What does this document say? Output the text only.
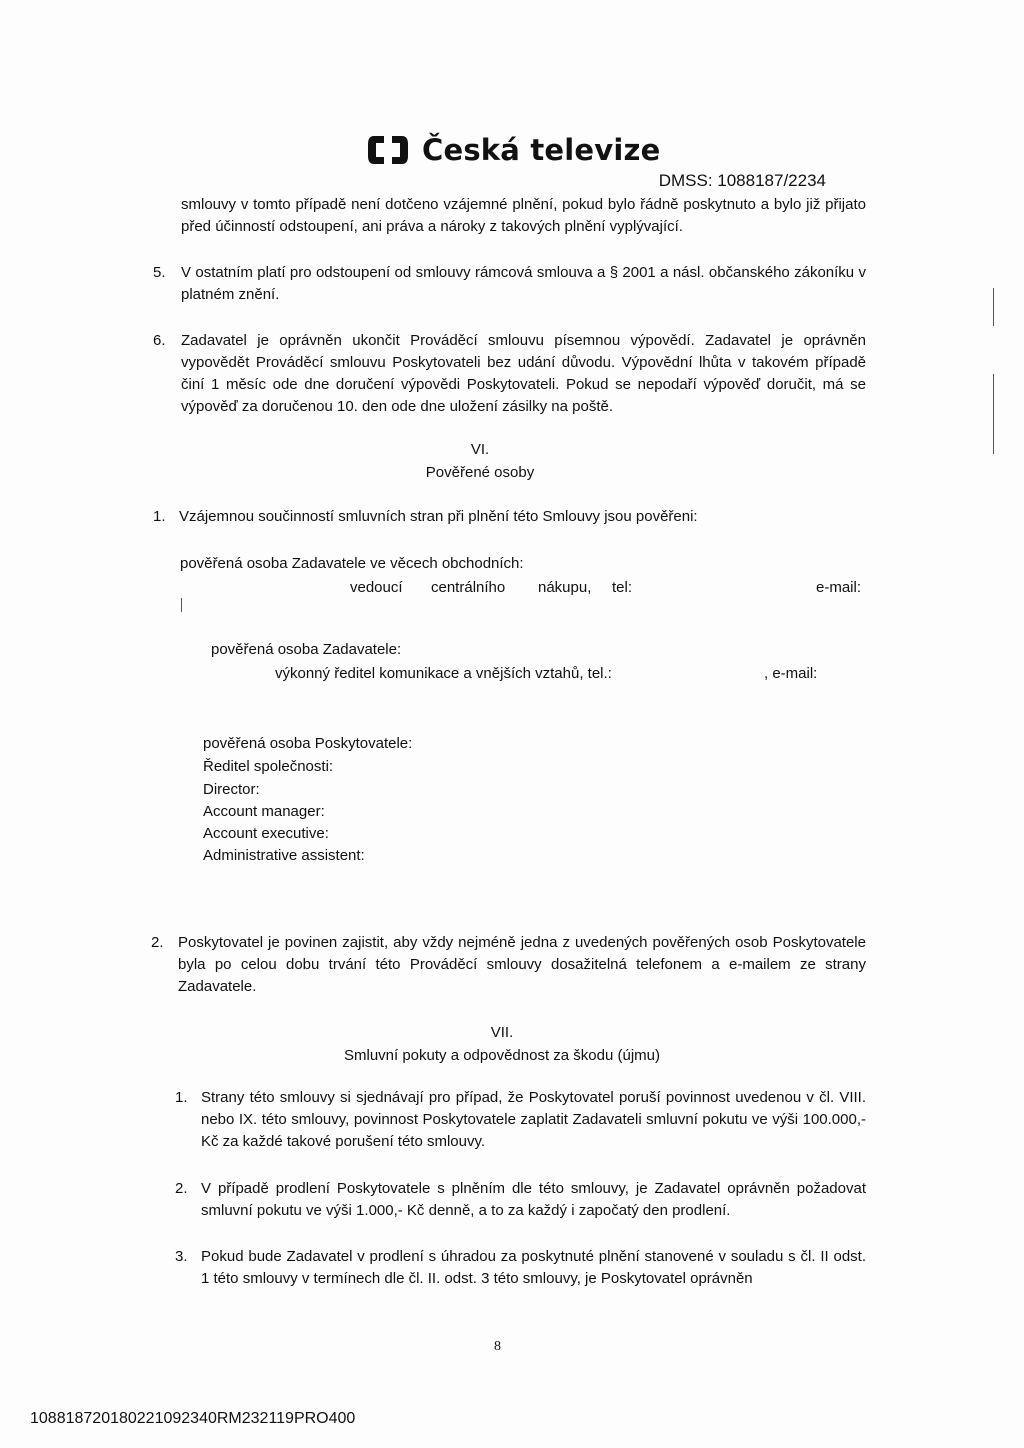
Česká televize
DMSS: 1088187/2234
smlouvy v tomto případě není dotčeno vzájemné plnění, pokud bylo řádně poskytnuto a bylo již přijato před účinností odstoupení, ani práva a nároky z takových plnění vyplývající.
5. V ostatním platí pro odstoupení od smlouvy rámcová smlouva a § 2001 a násl. občanského zákoníku v platném znění.
6. Zadavatel je oprávněn ukončit Prováděcí smlouvu písemnou výpovědí. Zadavatel je oprávněn vypovědět Prováděcí smlouvu Poskytovateli bez udání důvodu. Výpovědní lhůta v takovém případě činí 1 měsíc ode dne doručení výpovědi Poskytovateli. Pokud se nepodaří výpověď doručit, má se výpověď za doručenou 10. den ode dne uložení zásilky na poště.
VI.
Pověřené osoby
1. Vzájemnou součinností smluvních stran při plnění této Smlouvy jsou pověřeni:
pověřená osoba Zadavatele ve věcech obchodních:
vedoucí centrálního nákupu, tel:	e-mail:
pověřená osoba Zadavatele:
výkonný ředitel komunikace a vnějších vztahů, tel.:	, e-mail:
pověřená osoba Poskytovatele:
Ředitel společnosti:
Director:
Account manager:
Account executive:
Administrative assistent:
2. Poskytovatel je povinen zajistit, aby vždy nejméně jedna z uvedených pověřených osob Poskytovatele byla po celou dobu trvání této Prováděcí smlouvy dosažitelná telefonem a e-mailem ze strany Zadavatele.
VII.
Smluvní pokuty a odpovědnost za škodu (újmu)
1. Strany této smlouvy si sjednávají pro případ, že Poskytovatel poruší povinnost uvedenou v čl. VIII. nebo IX. této smlouvy, povinnost Poskytovatele zaplatit Zadavateli smluvní pokutu ve výši 100.000,- Kč za každé takové porušení této smlouvy.
2. V případě prodlení Poskytovatele s plněním dle této smlouvy, je Zadavatel oprávněn požadovat smluvní pokutu ve výši 1.000,- Kč denně, a to za každý i započatý den prodlení.
3. Pokud bude Zadavatel v prodlení s úhradou za poskytnuté plnění stanovené v souladu s čl. II odst. 1 této smlouvy v termínech dle čl. II. odst. 3 této smlouvy, je Poskytovatel oprávněn
8
108818720180221092340RM232119PRO400
